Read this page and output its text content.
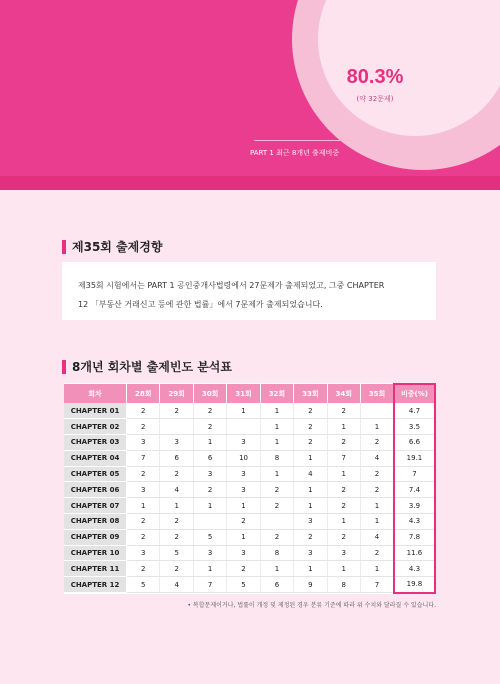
80.3%
(약 32문제)
PART 1 최근 8개년 출제비중
제35회 출제경향

제35회 시험에서는 PART 1 공인중개사법령에서 27문제가 출제되었고, 그중 CHAPTER

12 「부동산 거래신고 등에 관한 법률」에서 7문제가 출제되었습니다.

8개년 회차별 출제빈도 분석표
회차	28회	29회	30회	31회	32회	33회	34회	35회	비중(%)
CHAPTER 01	2	2	2	1	1	2	2		4.7
CHAPTER 02	2		2		1	2	1	1	3.5
CHAPTER 03	3	3	1	3	1	2	2	2	6.6
CHAPTER 04	7	6	6	10	8	1	7	4	19.1
CHAPTER 05	2	2	3	3	1	4	1	2	7
CHAPTER 06	3	4	2	3	2	1	2	2	7.4
CHAPTER 07	1	1	1	1	2	1	2	1	3.9
CHAPTER 08	2	2		2		3	1	1	4.3
CHAPTER 09	2	2	5	1	2	2	2	4	7.8
CHAPTER 10	3	5	3	3	8	3	3	2	11.6
CHAPTER 11	2	2	1	2	1	1	1	1	4.3
CHAPTER 12	5	4	7	5	6	9	8	7	19.8
• 복합문제이거나, 법률이 개정 및 제정된 경우 분류 기준에 따라 위 수치와 달라질 수 있습니다.
